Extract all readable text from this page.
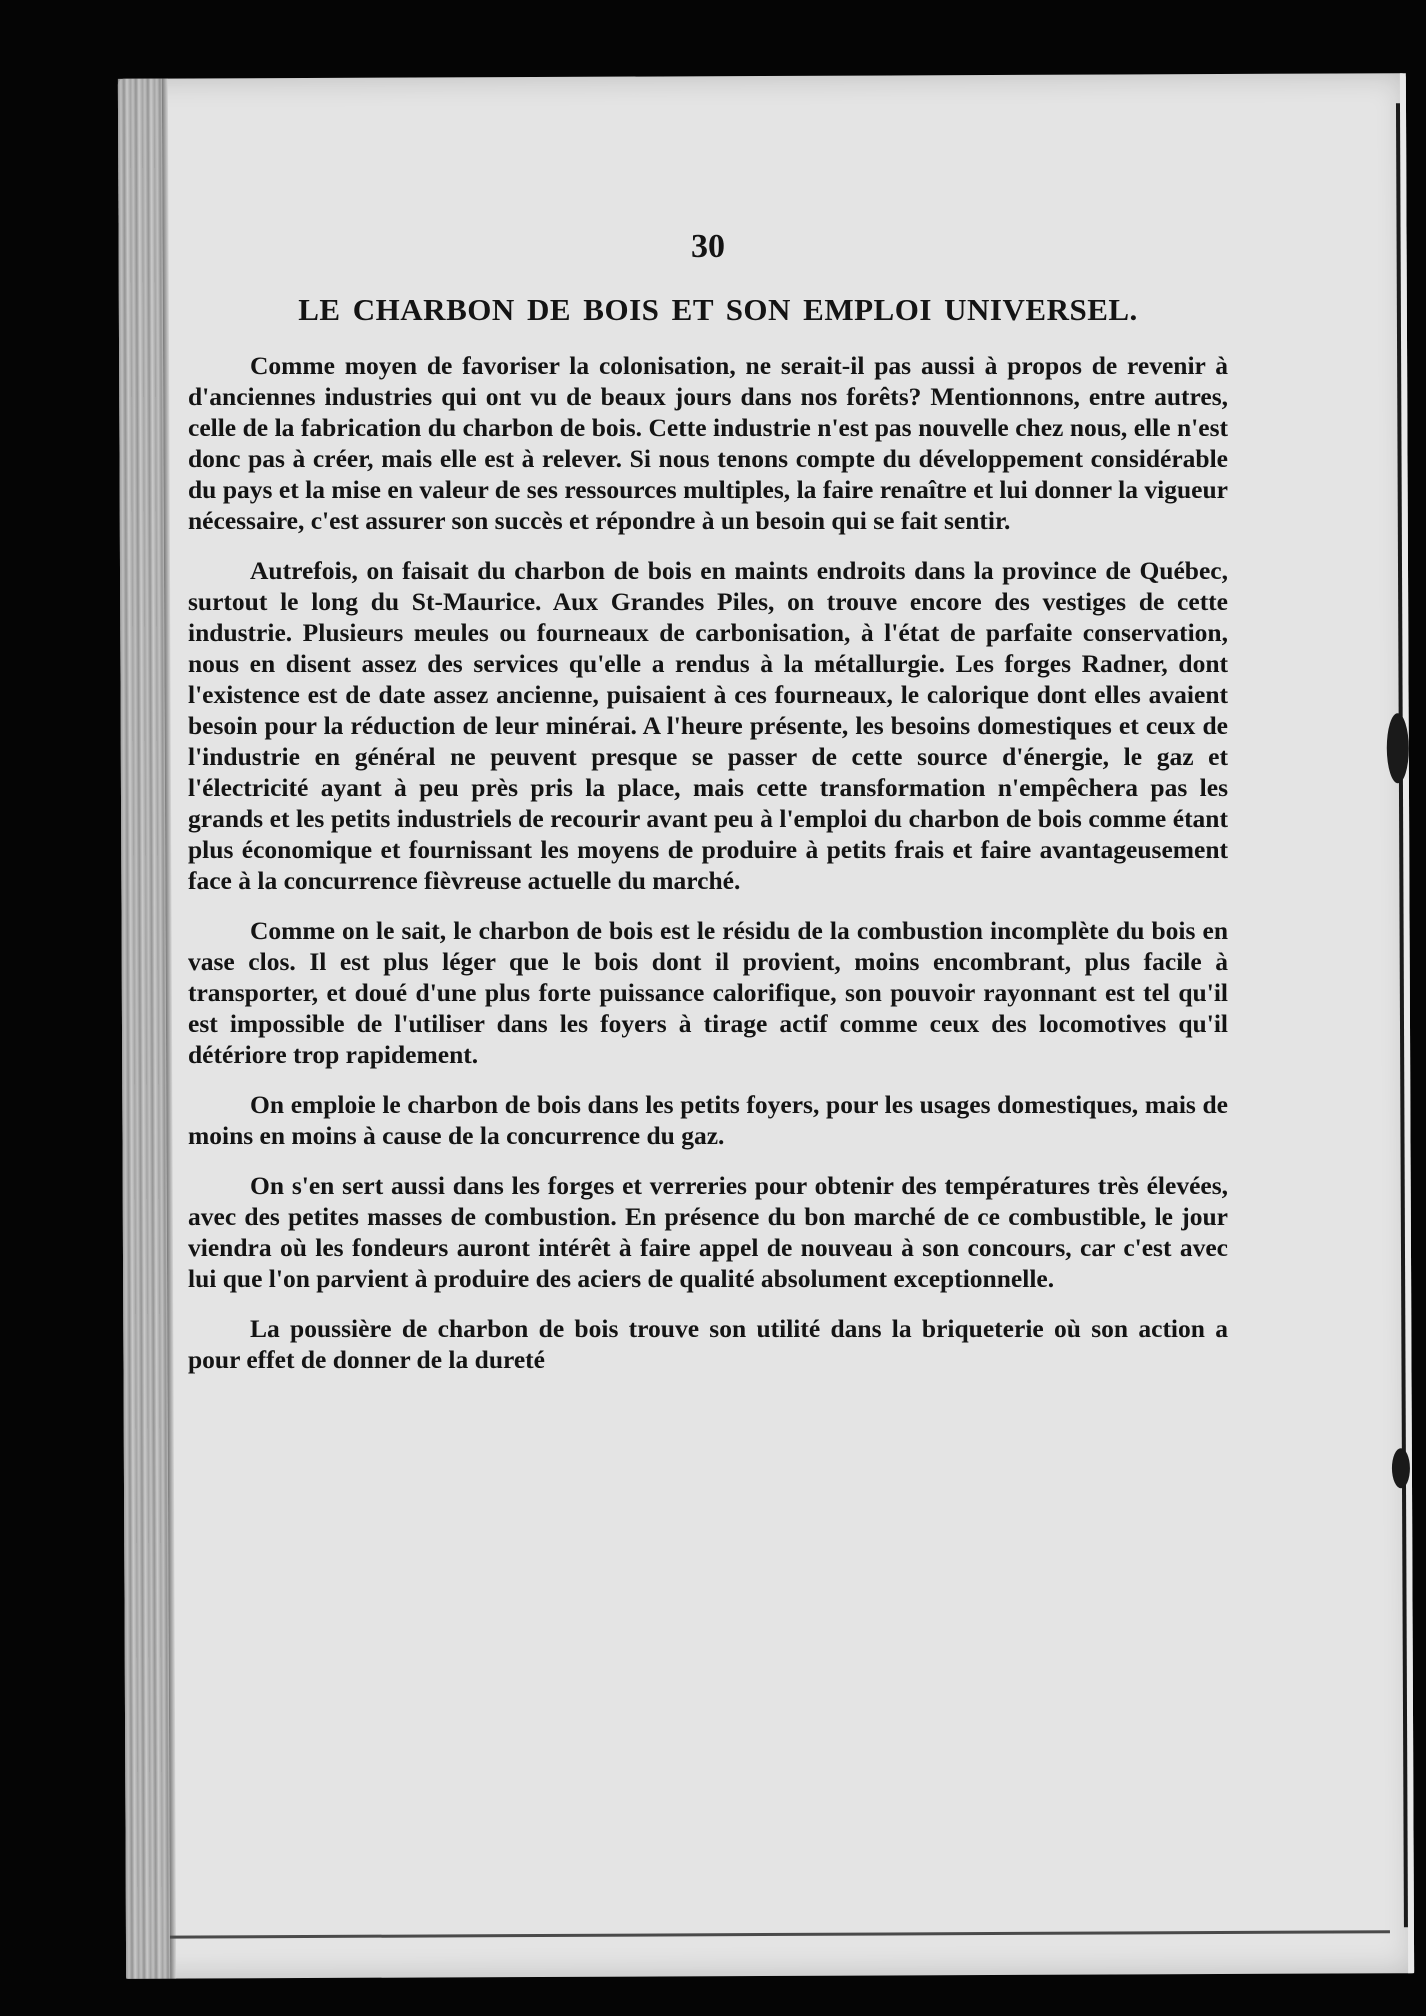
30
LE CHARBON DE BOIS ET SON EMPLOI UNIVERSEL.

Comme moyen de favoriser la colonisation, ne serait-il pas aussi à propos de revenir à d'anciennes industries qui ont vu de beaux jours dans nos forêts? Mentionnons, entre autres, celle de la fabrication du charbon de bois. Cette industrie n'est pas nouvelle chez nous, elle n'est donc pas à créer, mais elle est à relever. Si nous tenons compte du développement considérable du pays et la mise en valeur de ses ressources multiples, la faire renaître et lui donner la vigueur nécessaire, c'est assurer son succès et répondre à un besoin qui se fait sentir.

Autrefois, on faisait du charbon de bois en maints endroits dans la province de Québec, surtout le long du St-Maurice. Aux Grandes Piles, on trouve encore des vestiges de cette industrie. Plusieurs meules ou fourneaux de carbonisation, à l'état de parfaite conservation, nous en disent assez des services qu'elle a rendus à la métallurgie. Les forges Radner, dont l'existence est de date assez ancienne, puisaient à ces fourneaux, le calorique dont elles avaient besoin pour la réduction de leur minérai. A l'heure présente, les besoins domestiques et ceux de l'industrie en général ne peuvent presque se passer de cette source d'énergie, le gaz et l'électricité ayant à peu près pris la place, mais cette transformation n'empêchera pas les grands et les petits industriels de recourir avant peu à l'emploi du charbon de bois comme étant plus économique et fournissant les moyens de produire à petits frais et faire avantageusement face à la concurrence fièvreuse actuelle du marché.

Comme on le sait, le charbon de bois est le résidu de la combustion incomplète du bois en vase clos. Il est plus léger que le bois dont il provient, moins encombrant, plus facile à transporter, et doué d'une plus forte puissance calorifique, son pouvoir rayonnant est tel qu'il est impossible de l'utiliser dans les foyers à tirage actif comme ceux des locomotives qu'il détériore trop rapidement.

On emploie le charbon de bois dans les petits foyers, pour les usages domestiques, mais de moins en moins à cause de la concurrence du gaz.

On s'en sert aussi dans les forges et verreries pour obtenir des températures très élevées, avec des petites masses de combustion. En présence du bon marché de ce combustible, le jour viendra où les fondeurs auront intérêt à faire appel de nouveau à son concours, car c'est avec lui que l'on parvient à produire des aciers de qualité absolument exceptionnelle.

La poussière de charbon de bois trouve son utilité dans la briqueterie où son action a pour effet de donner de la dureté
